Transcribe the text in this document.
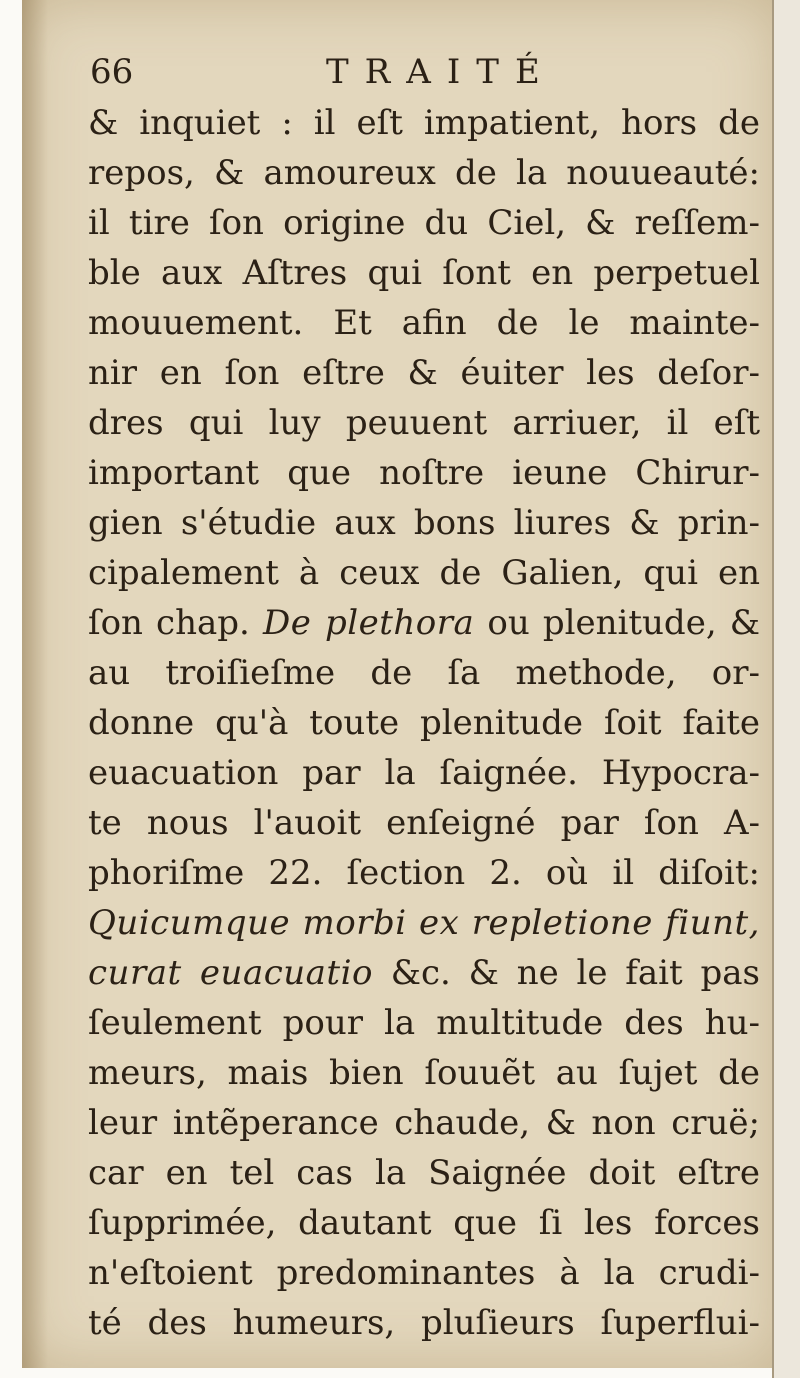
66	TRAITÉ
& inquiet : il eſt impatient, hors de
repos, & amoureux de la nouueauté:
il tire ſon origine du Ciel, & reſſem-
ble aux Aſtres qui ſont en perpetuel
mouuement. Et afin de le mainte-
nir en ſon eſtre & éuiter les deſor-
dres qui luy peuuent arriuer, il eſt
important que noſtre ieune Chirur-
gien s'étudie aux bons liures & prin-
cipalement à ceux de Galien, qui en
ſon chap. De plethora ou plenitude, &
au troiſieſme de ſa methode, or-
donne qu'à toute plenitude ſoit faite
euacuation par la ſaignée. Hypocra-
te nous l'auoit enſeigné par ſon A-
phoriſme 22. ſection 2. où il diſoit:
Quicumque morbi ex repletione fiunt,
curat euacuatio &c. & ne le fait pas
ſeulement pour la multitude des hu-
meurs, mais bien ſouuẽt au ſujet de
leur intẽperance chaude, & non cruë;
car en tel cas la Saignée doit eſtre
ſupprimée, dautant que ſi les forces
n'eſtoient predominantes à la crudi-
té des humeurs, pluſieurs ſuperflui-
